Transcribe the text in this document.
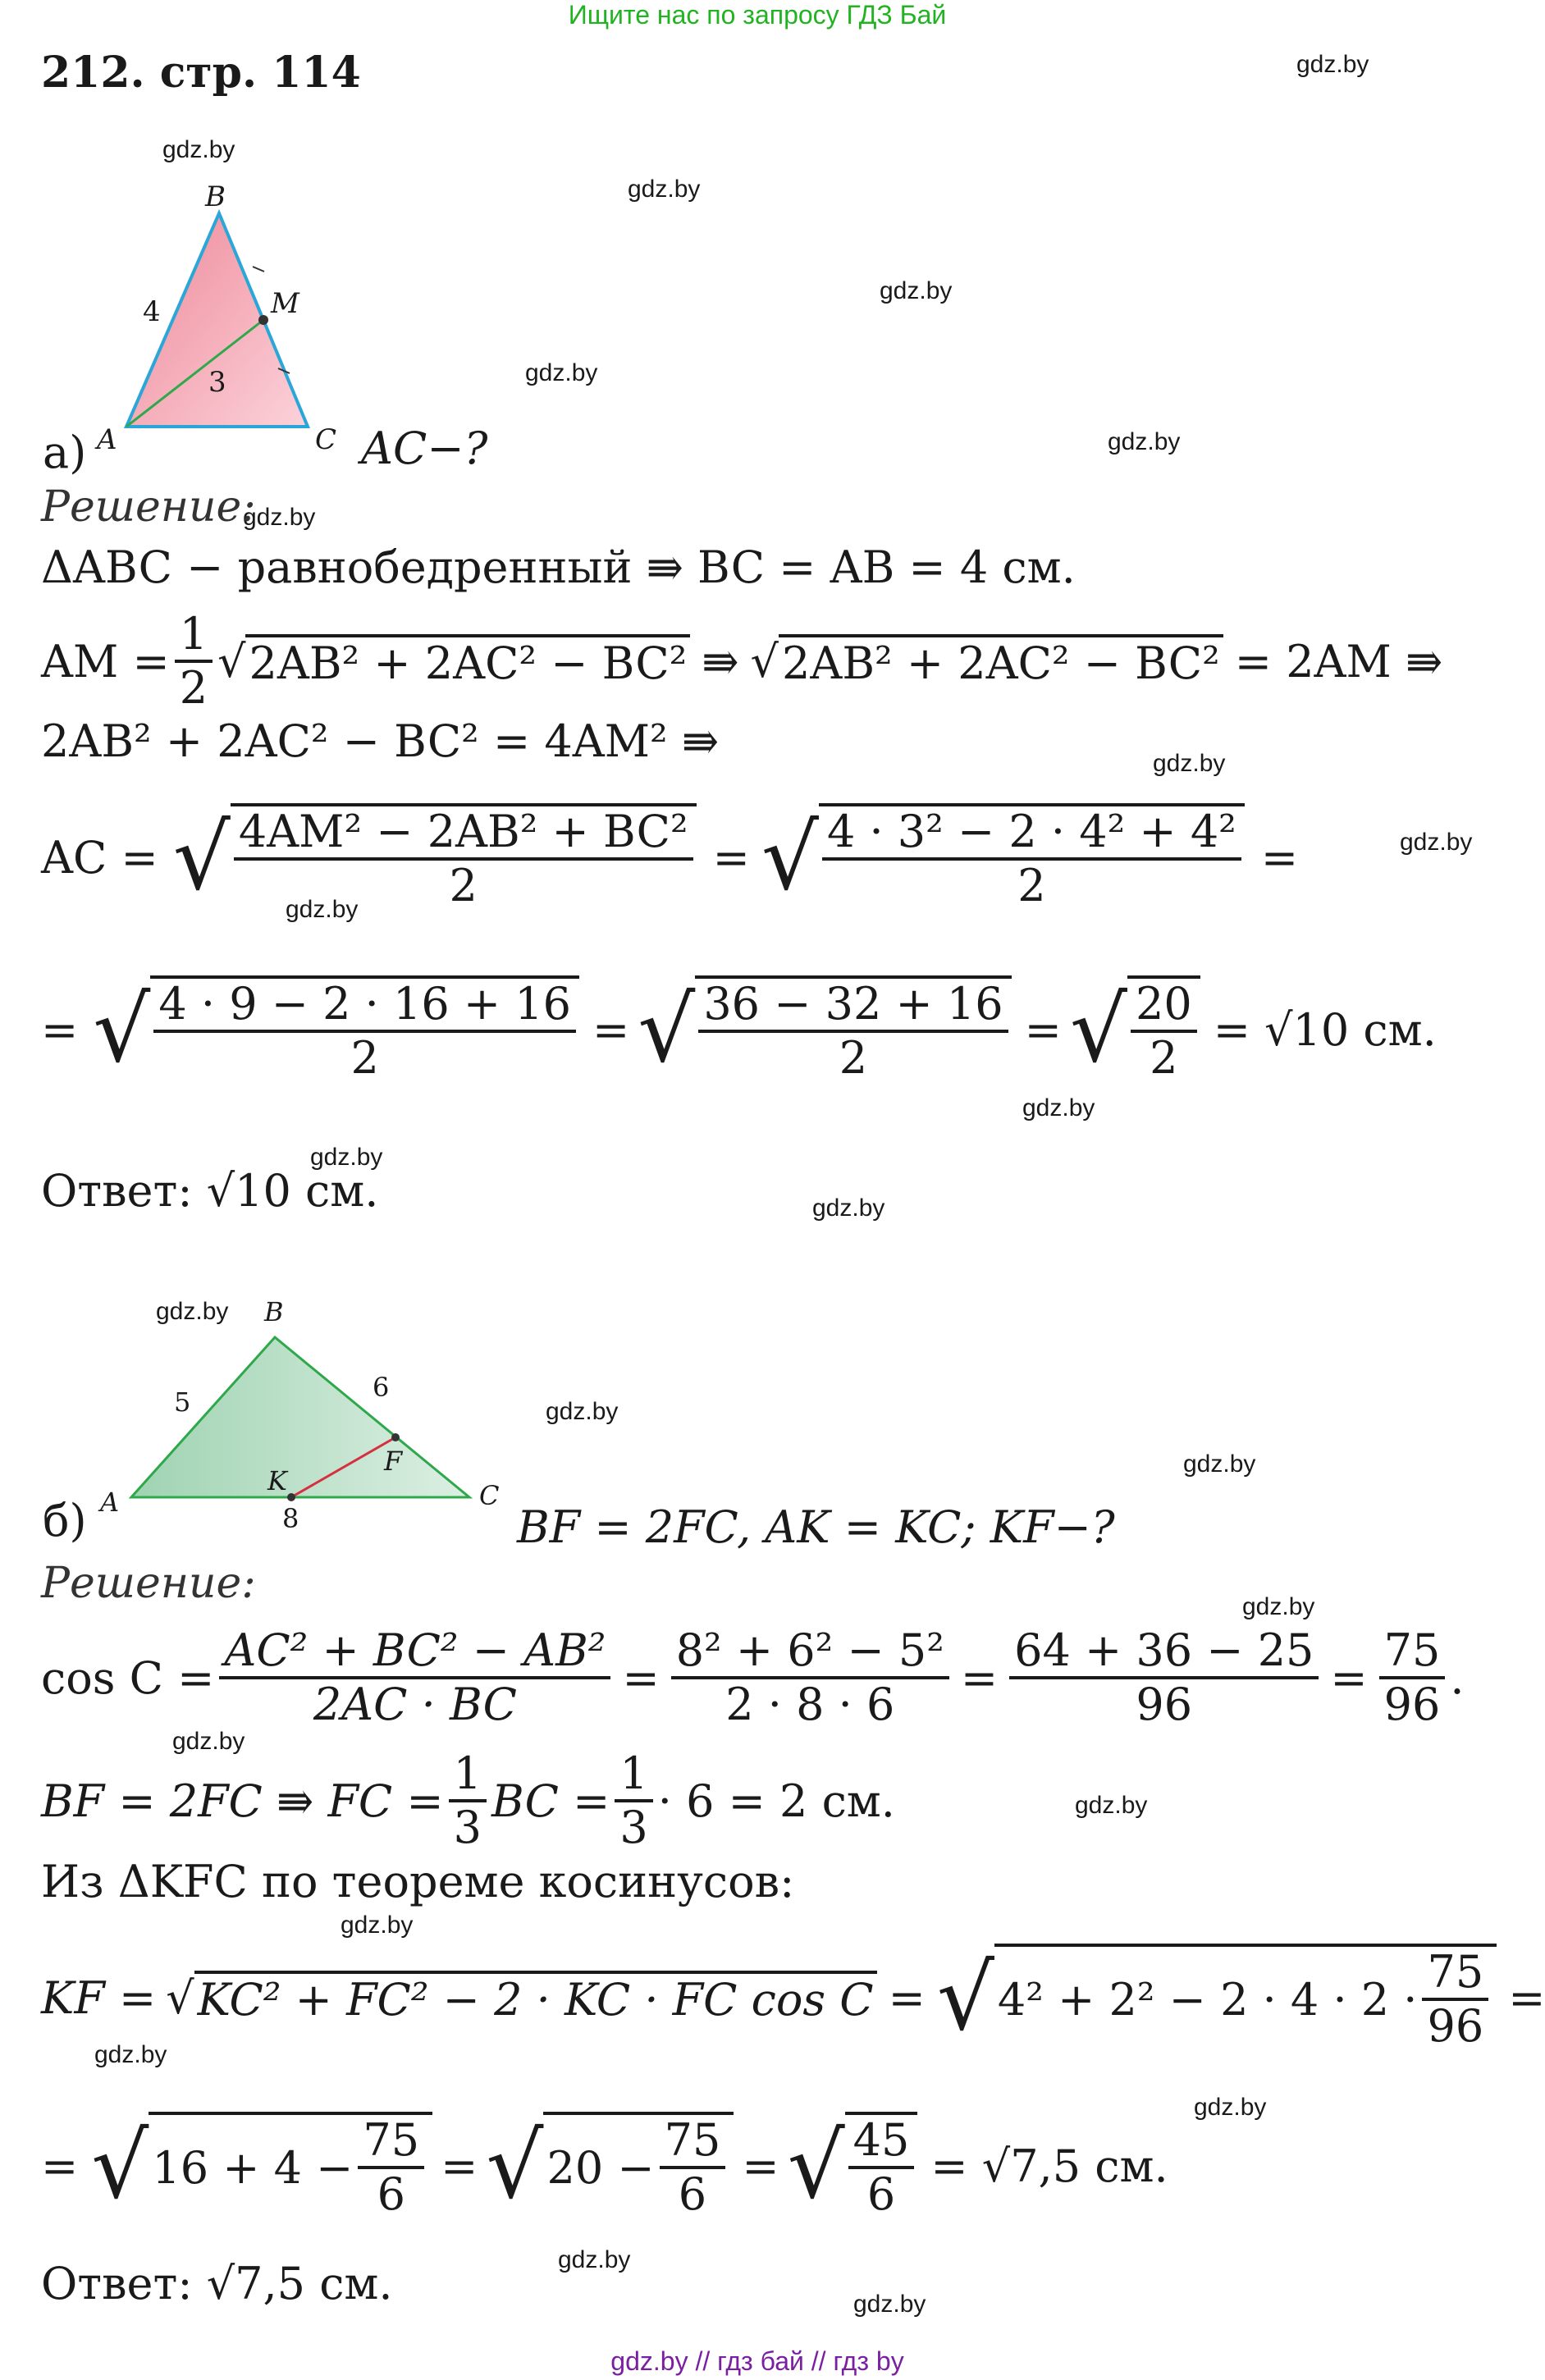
Ищите нас по запросу ГДЗ Бай
212. стр. 114	gdz.by
gdz.by
gdz.by
gdz.by
gdz.by
gdz.by
gdz.by
gdz.by
gdz.by
gdz.by
gdz.by
gdz.by
gdz.by
gdz.by
gdz.by
gdz.by
gdz.by
gdz.by
gdz.by
gdz.by
gdz.by
gdz.by
gdz.by
gdz.by
B
M
A	C
4
3
а)	AC−?
Решение:
ΔABC − равнобедренный ⇛ BC = AB = 4 см.
AM = $\frac{1}{2}$ √ 2AB² + 2AC² − BC² ⇛ √ 2AB² + 2AC² − BC² = 2AM ⇛
2AB² + 2AC² − BC² = 4AM² ⇛
AC = √ $\frac{\text{4AM² − 2AB² + BC²}}{2}$ = √ $\frac{\text{4 · 3² − 2 · 4² + 4²}}{2}$ =
= √ $\frac{4 \cdot 9 - 2 \cdot 16 + 16}{2}$ = √ $\frac{36 - 32 + 16}{2}$ = √ $\frac{20}{2} = √10$ см.
Ответ: √10 см.
B
A	C
K
F
5	6
8
б)	BF = 2FC, AK = KC; KF−?
Решение:
$\cos C = \frac{\text{AC² + BC² − AB²}}{2AC \cdot BC} = \frac{\text{8² + 6² − 5²}}{2 \cdot 8 \cdot 6} = \frac{64 + 36 - 25}{96} = \frac{75}{96}$ .
BF = 2FC ⇛ FC = $\frac{1}{3}$ BC = $\frac{1}{3} \cdot 6 = 2$ см.
Из ΔKFC по теореме косинусов:
KF = √ KC² + FC² − 2 · KC · FC cos C = √ $4^2 + 2^2 - 2 \cdot 4 \cdot 2 \cdot \frac{75}{96}$ =
= √ $16 + 4 - \frac{75}{6}$ = √ $20 - \frac{75}{6}$ = √ $\frac{45}{6} = √7,5$ см.
Ответ: √7,5 см.
gdz.by // гдз бай // гдз by
